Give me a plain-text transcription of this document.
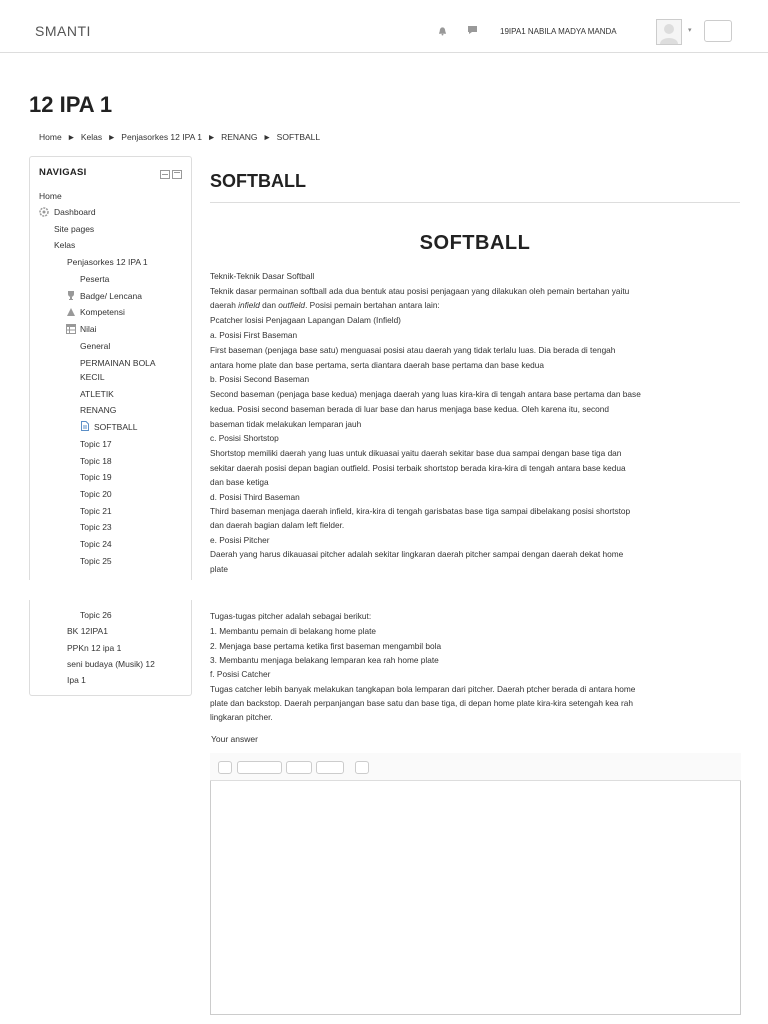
SMANTI	19IPA1 NABILA MADYA MANDA	▾
12 IPA 1
Home ► Kelas ► Penjasorkes 12 IPA 1 ► RENANG ► SOFTBALL
NAVIGASI
Home
Dashboard
Site pages
Kelas
Penjasorkes 12 IPA 1
Peserta
Badge/ Lencana
Kompetensi
Nilai
General
PERMAINAN BOLA
KECIL
ATLETIK
RENANG
SOFTBALL
Topic 17
Topic 18
Topic 19
Topic 20
Topic 21
Topic 23
Topic 24
Topic 25
Topic 26
BK 12IPA1
PPKn 12 ipa 1
seni budaya (Musik) 12
Ipa 1
SOFTBALL
SOFTBALL
Teknik-Teknik Dasar Softball
Teknik dasar permainan softball ada dua bentuk atau posisi penjagaan yang dilakukan oleh pemain bertahan yaitu
daerah infield dan outfield. Posisi pemain bertahan antara lain:
Pcatcher losisi Penjagaan Lapangan Dalam (Infield)
a. Posisi First Baseman
First baseman (penjaga base satu) menguasai posisi atau daerah yang tidak terlalu luas. Dia berada di tengah
antara home plate dan base pertama, serta diantara daerah base pertama dan base kedua
b. Posisi Second Baseman
Second baseman (penjaga base kedua) menjaga daerah yang luas kira-kira di tengah antara base pertama dan base
kedua. Posisi second baseman berada di luar base dan harus menjaga base kedua. Oleh karena itu, second
baseman tidak melakukan lemparan jauh
c. Posisi Shortstop
Shortstop memiliki daerah yang luas untuk dikuasai yaitu daerah sekitar base dua sampai dengan base tiga dan
sekitar daerah posisi depan bagian outfield. Posisi terbaik shortstop berada kira-kira di tengah antara base kedua
dan base ketiga
d. Posisi Third Baseman
Third baseman menjaga daerah infield, kira-kira di tengah garisbatas base tiga sampai dibelakang posisi shortstop
dan daerah bagian dalam left fielder.
e. Posisi Pitcher
Daerah yang harus dikauasai pitcher adalah sekitar lingkaran daerah pitcher sampai dengan daerah dekat home
plate
Tugas-tugas pitcher adalah sebagai berikut:
1. Membantu pemain di belakang home plate
2. Menjaga base pertama ketika first baseman mengambil bola
3. Membantu menjaga belakang lemparan kea rah home plate
f. Posisi Catcher
Tugas catcher lebih banyak melakukan tangkapan bola lemparan dari pitcher. Daerah ptcher berada di antara home
plate dan backstop. Daerah perpanjangan base satu dan base tiga, di depan home plate kira-kira setengah kea rah
lingkaran pitcher.
Your answer
